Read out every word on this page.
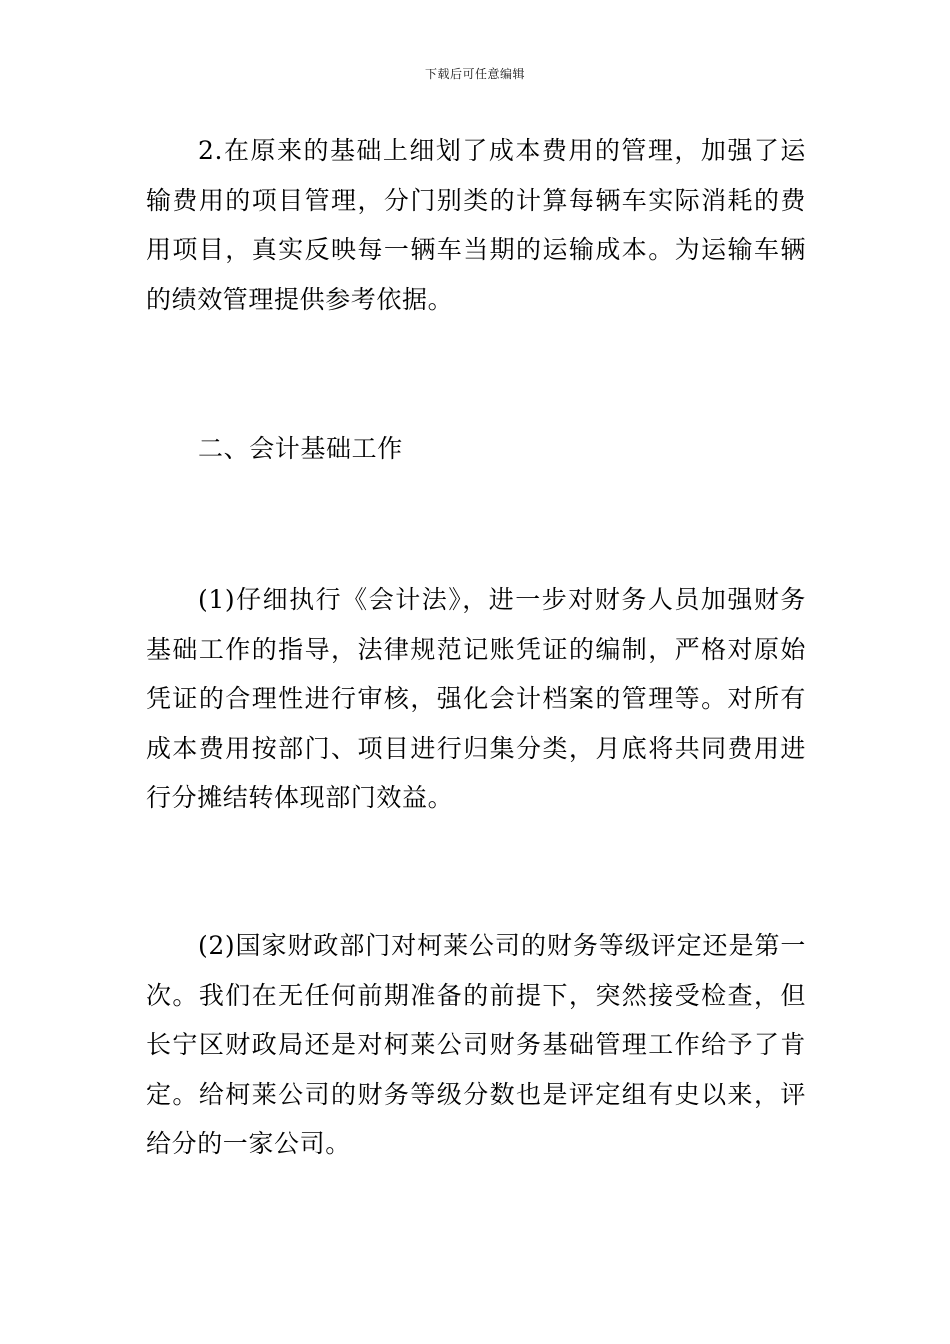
下载后可任意编辑

2.在原来的基础上细划了成本费用的管理，加强了运输费用的项目管理，分门别类的计算每辆车实际消耗的费用项目，真实反映每一辆车当期的运输成本。为运输车辆的绩效管理提供参考依据。

二、会计基础工作

(1)仔细执行《会计法》，进一步对财务人员加强财务基础工作的指导，法律规范记账凭证的编制，严格对原始凭证的合理性进行审核，强化会计档案的管理等。对所有成本费用按部门、项目进行归集分类，月底将共同费用进行分摊结转体现部门效益。

(2)国家财政部门对柯莱公司的财务等级评定还是第一次。我们在无任何前期准备的前提下，突然接受检查，但长宁区财政局还是对柯莱公司财务基础管理工作给予了肯定。给柯莱公司的财务等级分数也是评定组有史以来，评给分的一家公司。
